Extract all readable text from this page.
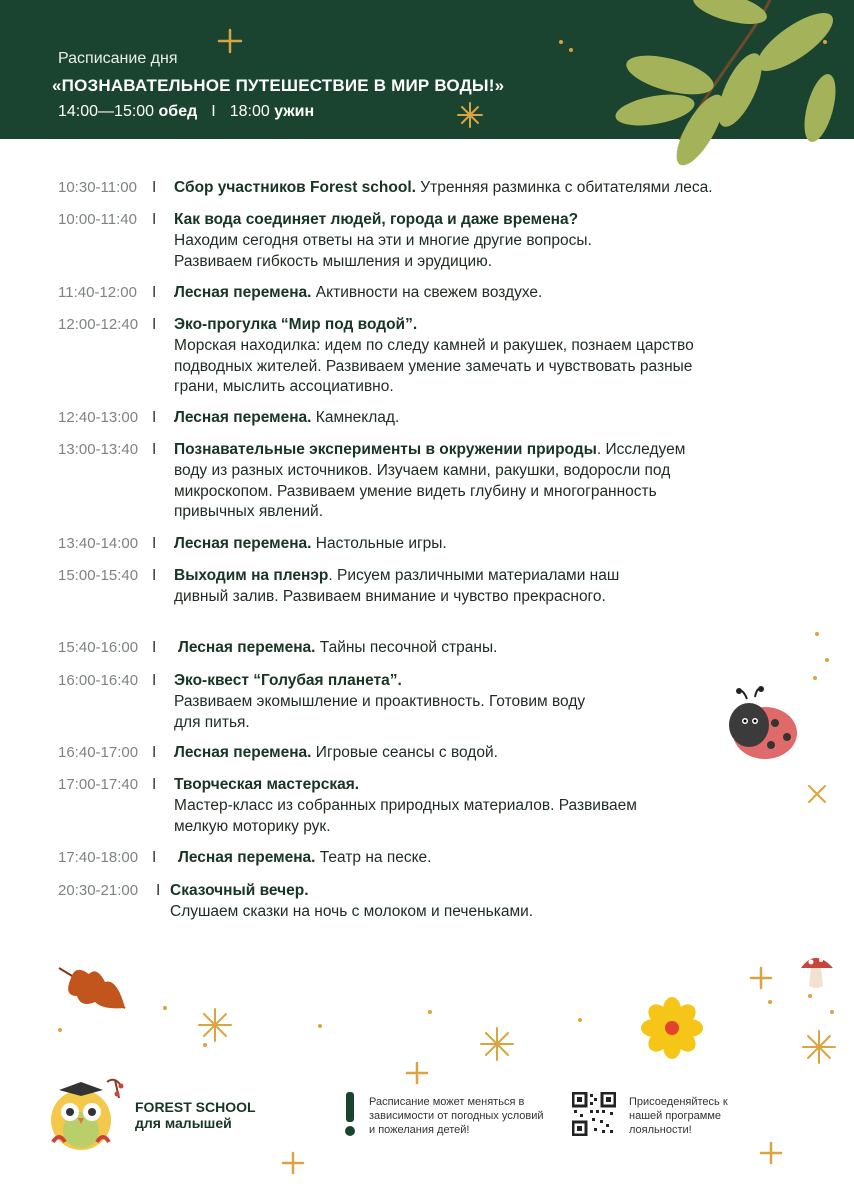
Расписание дня
«ПОЗНАВАТЕЛЬНОЕ ПУТЕШЕСТВИЕ В МИР ВОДЫ!»
14:00—15:00 обед I 18:00 ужин
10:30-11:00 I Сбор участников Forest school. Утренняя разминка с обитателями леса.
10:00-11:40 I Как вода соединяет людей, города и даже времена?
Находим сегодня ответы на эти и многие другие вопросы. Развиваем гибкость мышления и эрудицию.
11:40-12:00 I Лесная перемена. Активности на свежем воздухе.
12:00-12:40 I Эко-прогулка “Мир под водой”.
Морская находилка: идем по следу камней и ракушек, познаем царство подводных жителей. Развиваем умение замечать и чувствовать разные грани, мыслить ассоциативно.
12:40-13:00 I Лесная перемена. Камнеклад.
13:00-13:40 I Познавательные эксперименты в окружении природы. Исследуем воду из разных источников. Изучаем камни, ракушки, водоросли под микроскопом. Развиваем умение видеть глубину и многогранность привычных явлений.
13:40-14:00 I Лесная перемена. Настольные игры.
15:00-15:40 I Выходим на пленэр. Рисуем различными материалами наш дивный залив. Развиваем внимание и чувство прекрасного.
15:40-16:00 I Лесная перемена. Тайны песочной страны.
16:00-16:40 I Эко-квест “Голубая планета”.
Развиваем экомышление и проактивность. Готовим воду для питья.
16:40-17:00 I Лесная перемена. Игровые сеансы с водой.
17:00-17:40 I Творческая мастерская.
Мастер-класс из собранных природных материалов. Развиваем мелкую моторику рук.
17:40-18:00 I Лесная перемена. Театр на песке.
20:30-21:00 I Сказочный вечер.
Слушаем сказки на ночь с молоком и печеньками.
FOREST SCHOOL
для малышей
Расписание может меняться в зависимости от погодных условий и пожелания детей!
Присоеденяйтесь к нашей программе лояльности!
